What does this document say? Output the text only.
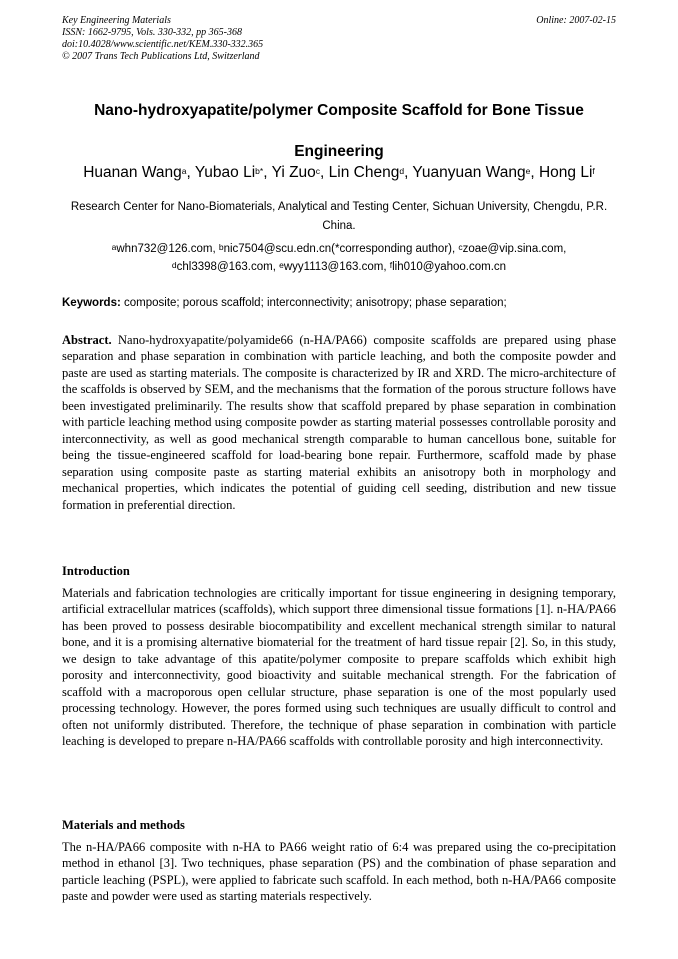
Key Engineering Materials
ISSN: 1662-9795, Vols. 330-332, pp 365-368
doi:10.4028/www.scientific.net/KEM.330-332.365
© 2007 Trans Tech Publications Ltd, Switzerland
Online: 2007-02-15
Nano-hydroxyapatite/polymer Composite Scaffold for Bone Tissue Engineering
Huanan Wang$^a$, Yubao $Li^{b*}$, Yi Zuo$^c$, Lin Cheng$^d$, Yuanyuan Wang$^e$, Hong Li$^f$
Research Center for Nano-Biomaterials, Analytical and Testing Center, Sichuan University, Chengdu, P.R. China.
$^a$whn732@126.com, $^b$nic7504@scu.edn.cn(*corresponding author), $^c$zoae@vip.sina.com,
$^d$chl3398@163.com, $^e$wyy1113@163.com, $^f$lih010@yahoo.com.cn
Keywords: composite; porous scaffold; interconnectivity; anisotropy; phase separation;
Abstract. Nano-hydroxyapatite/polyamide66 (n-HA/PA66) composite scaffolds are prepared using phase separation and phase separation in combination with particle leaching, and both the composite powder and paste are used as starting materials. The composite is characterized by IR and XRD. The micro-architecture of the scaffolds is observed by SEM, and the mechanisms that the formation of the porous structure follows have been investigated preliminarily. The results show that scaffold prepared by phase separation in combination with particle leaching method using composite powder as starting material possesses controllable porosity and interconnectivity, as well as good mechanical strength comparable to human cancellous bone, suitable for being the tissue-engineered scaffold for load-bearing bone repair. Furthermore, scaffold made by phase separation using composite paste as starting material exhibits an anisotropy both in morphology and mechanical properties, which indicates the potential of guiding cell seeding, distribution and new tissue formation in preferential direction.
Introduction
Materials and fabrication technologies are critically important for tissue engineering in designing temporary, artificial extracellular matrices (scaffolds), which support three dimensional tissue formations [1]. n-HA/PA66 has been proved to possess desirable biocompatibility and excellent mechanical strength similar to natural bone, and it is a promising alternative biomaterial for the treatment of hard tissue repair [2]. So, in this study, we design to take advantage of this apatite/polymer composite to prepare scaffolds which exhibit high porosity and interconnectivity, good bioactivity and suitable mechanical strength. For the fabrication of scaffold with a macroporous open cellular structure, phase separation is one of the most popularly used processing technology. However, the pores formed using such techniques are usually difficult to control and often not uniformly distributed. Therefore, the technique of phase separation in combination with particle leaching is developed to prepare n-HA/PA66 scaffolds with controllable porosity and high interconnectivity.
Materials and methods
The n-HA/PA66 composite with n-HA to PA66 weight ratio of 6:4 was prepared using the co-precipitation method in ethanol [3]. Two techniques, phase separation (PS) and the combination of phase separation and particle leaching (PSPL), were applied to fabricate such scaffold. In each method, both n-HA/PA66 composite paste and powder were used as starting materials respectively.
